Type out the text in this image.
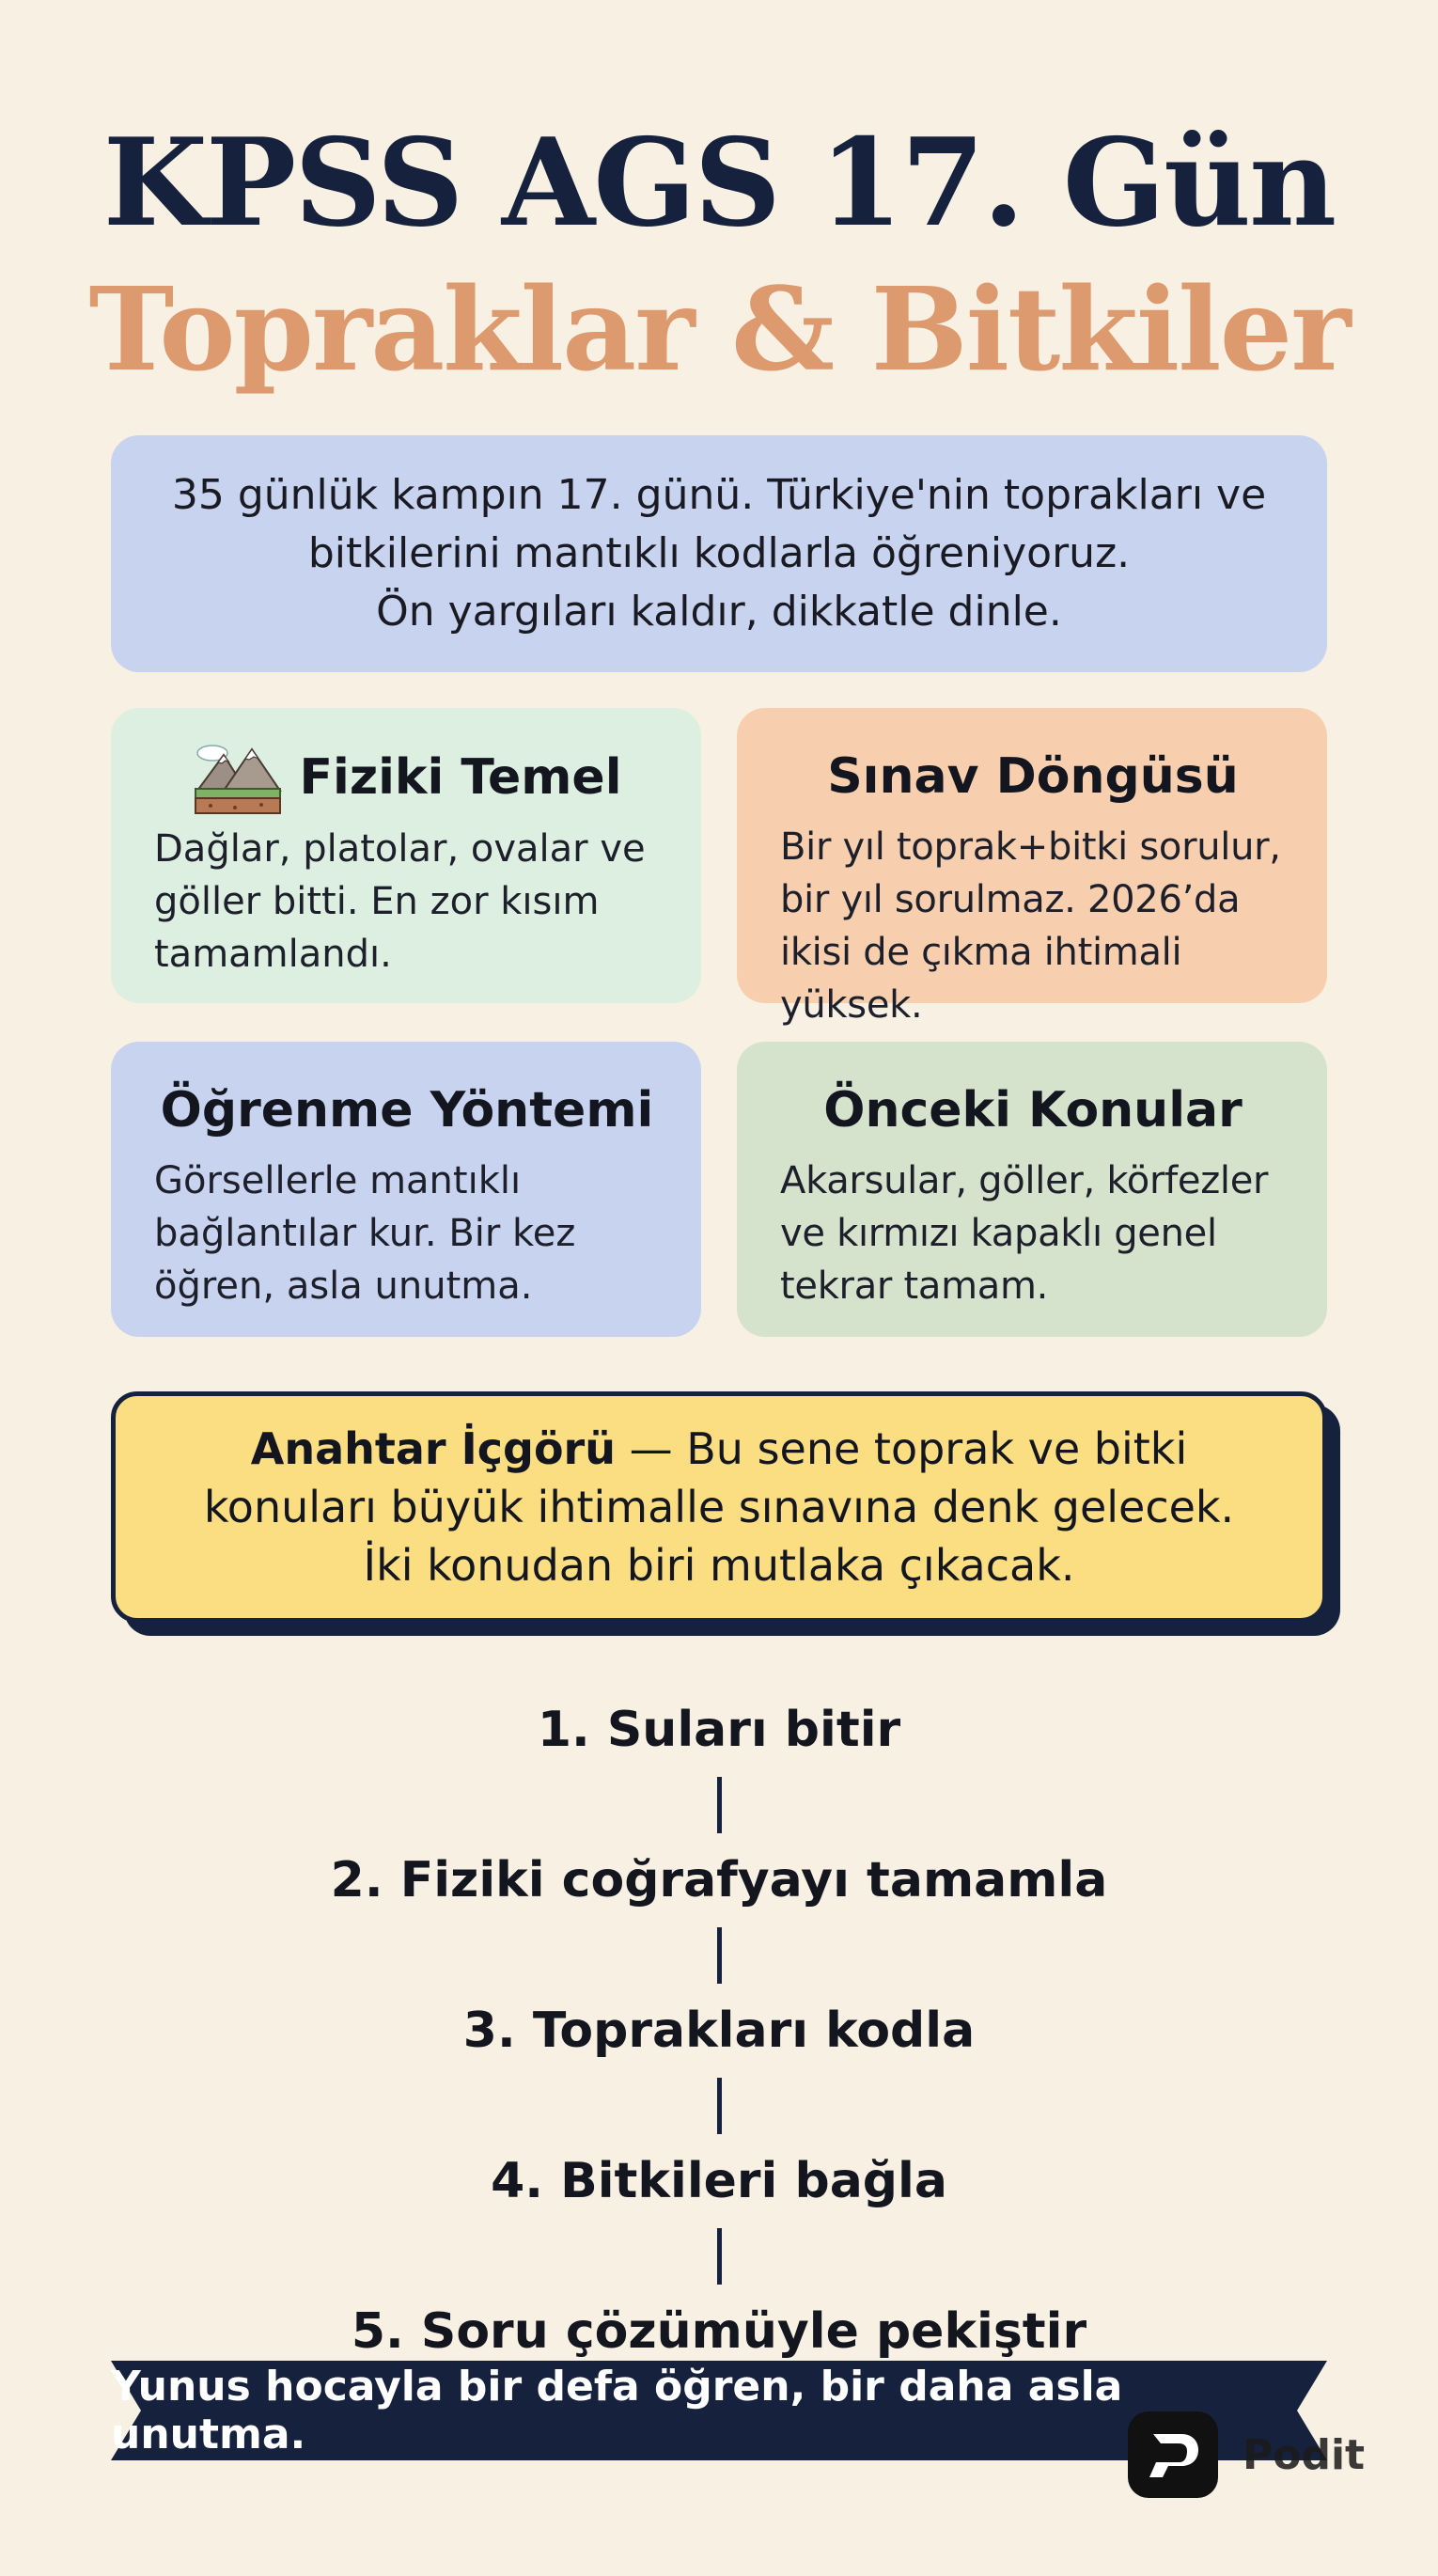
KPSS AGS 17. Gün
Topraklar & Bitkiler
35 günlük kampın 17. günü. Türkiye'nin toprakları ve
bitkilerini mantıklı kodlarla öğreniyoruz.
Ön yargıları kaldır, dikkatle dinle.
Fiziki Temel
Dağlar, platolar, ovalar ve göller bitti. En zor kısım tamamlandı.
Sınav Döngüsü
Bir yıl toprak+bitki sorulur, bir yıl sorulmaz. 2026’da ikisi de çıkma ihtimali yüksek.
Öğrenme Yöntemi
Görsellerle mantıklı bağlantılar kur. Bir kez öğren, asla unutma.
Önceki Konular
Akarsular, göller, körfezler ve kırmızı kapaklı genel tekrar tamam.
Anahtar İçgörü — Bu sene toprak ve bitki konuları büyük ihtimalle sınavına denk gelecek. İki konudan biri mutlaka çıkacak.
1. Suları bitir
2. Fiziki coğrafyayı tamamla
3. Toprakları kodla
4. Bitkileri bağla
5. Soru çözümüyle pekiştir
Yunus hocayla bir defa öğren, bir daha asla unutma.	Podit
